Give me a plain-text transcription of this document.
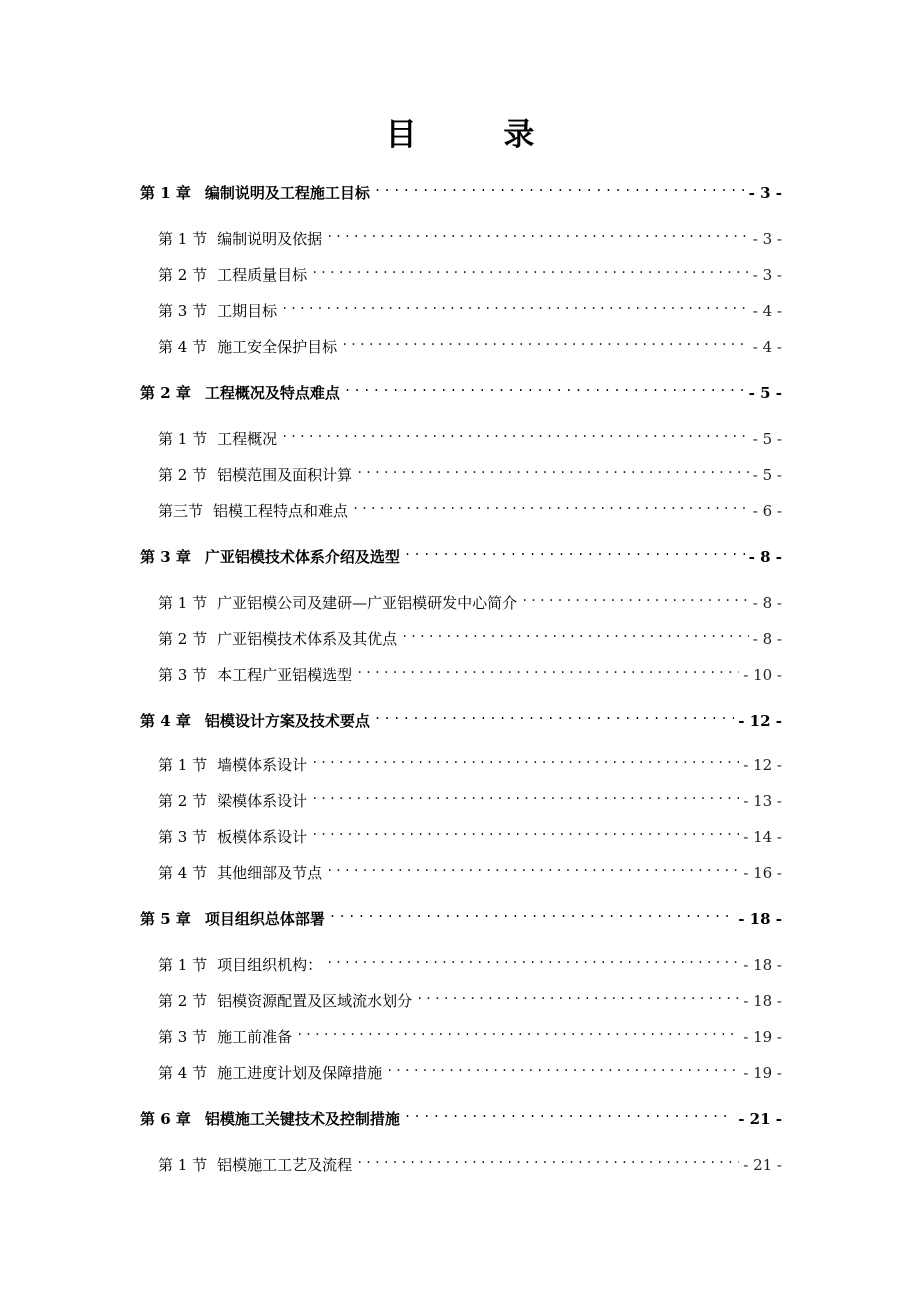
目 录
第 1 章 编制说明及工程施工目标 .....	- 3 -
第 1 节 编制说明及依据 .....	- 3 -
第 2 节 工程质量目标 .....	- 3 -
第 3 节 工期目标 .....	- 4 -
第 4 节 施工安全保护目标 .....	- 4 -
第 2 章 工程概况及特点难点 .....	- 5 -
第 1 节 工程概况 .....	- 5 -
第 2 节 铝模范围及面积计算 .....	- 5 -
第三节 铝模工程特点和难点 .....	- 6 -
第 3 章 广亚铝模技术体系介绍及选型 .....	- 8 -
第 1 节 广亚铝模公司及建研—广亚铝模研发中心简介 .....	- 8 -
第 2 节 广亚铝模技术体系及其优点 .....	- 8 -
第 3 节 本工程广亚铝模选型 .....	- 10 -
第 4 章 铝模设计方案及技术要点 .....	- 12 -
第 1 节 墙模体系设计 .....	- 12 -
第 2 节 梁模体系设计 .....	- 13 -
第 3 节 板模体系设计 .....	- 14 -
第 4 节 其他细部及节点 .....	- 16 -
第 5 章 项目组织总体部署 .....	- 18 -
第 1 节 项目组织机构： .....	- 18 -
第 2 节 铝模资源配置及区域流水划分 .....	- 18 -
第 3 节 施工前准备 .....	- 19 -
第 4 节 施工进度计划及保障措施 .....	- 19 -
第 6 章 铝模施工关键技术及控制措施 .....	- 21 -
第 1 节 铝模施工工艺及流程 .....	- 21 -
